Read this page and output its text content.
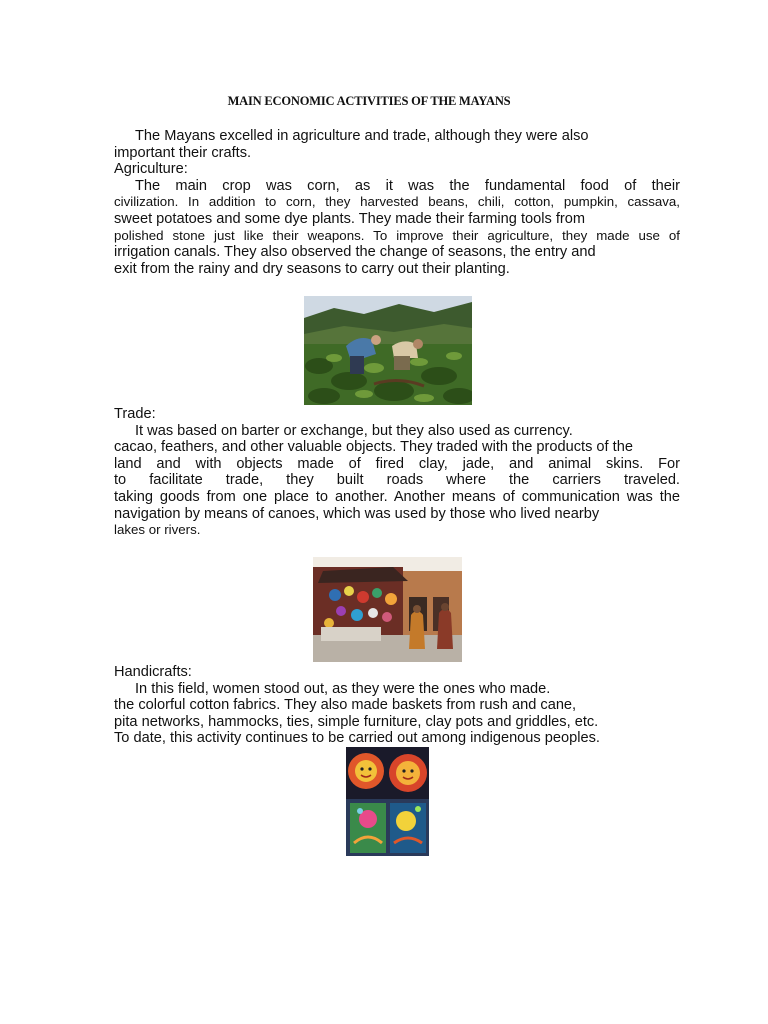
MAIN ECONOMIC ACTIVITIES OF THE MAYANS

The Mayans excelled in agriculture and trade, although they were also

important their crafts.

Agriculture:

The main crop was corn, as it was the fundamental food of their

civilization. In addition to corn, they harvested beans, chili, cotton, pumpkin, cassava,

sweet potatoes and some dye plants. They made their farming tools from

polished stone just like their weapons. To improve their agriculture, they made use of

irrigation canals. They also observed the change of seasons, the entry and

exit from the rainy and dry seasons to carry out their planting.

Trade:

It was based on barter or exchange, but they also used as currency.

cacao, feathers, and other valuable objects. They traded with the products of the

land and with objects made of fired clay, jade, and animal skins. For

to facilitate trade, they built roads where the carriers traveled.

taking goods from one place to another. Another means of communication was the

navigation by means of canoes, which was used by those who lived nearby

lakes or rivers.

Handicrafts:

In this field, women stood out, as they were the ones who made.

the colorful cotton fabrics. They also made baskets from rush and cane,

pita networks, hammocks, ties, simple furniture, clay pots and griddles, etc.

To date, this activity continues to be carried out among indigenous peoples.
